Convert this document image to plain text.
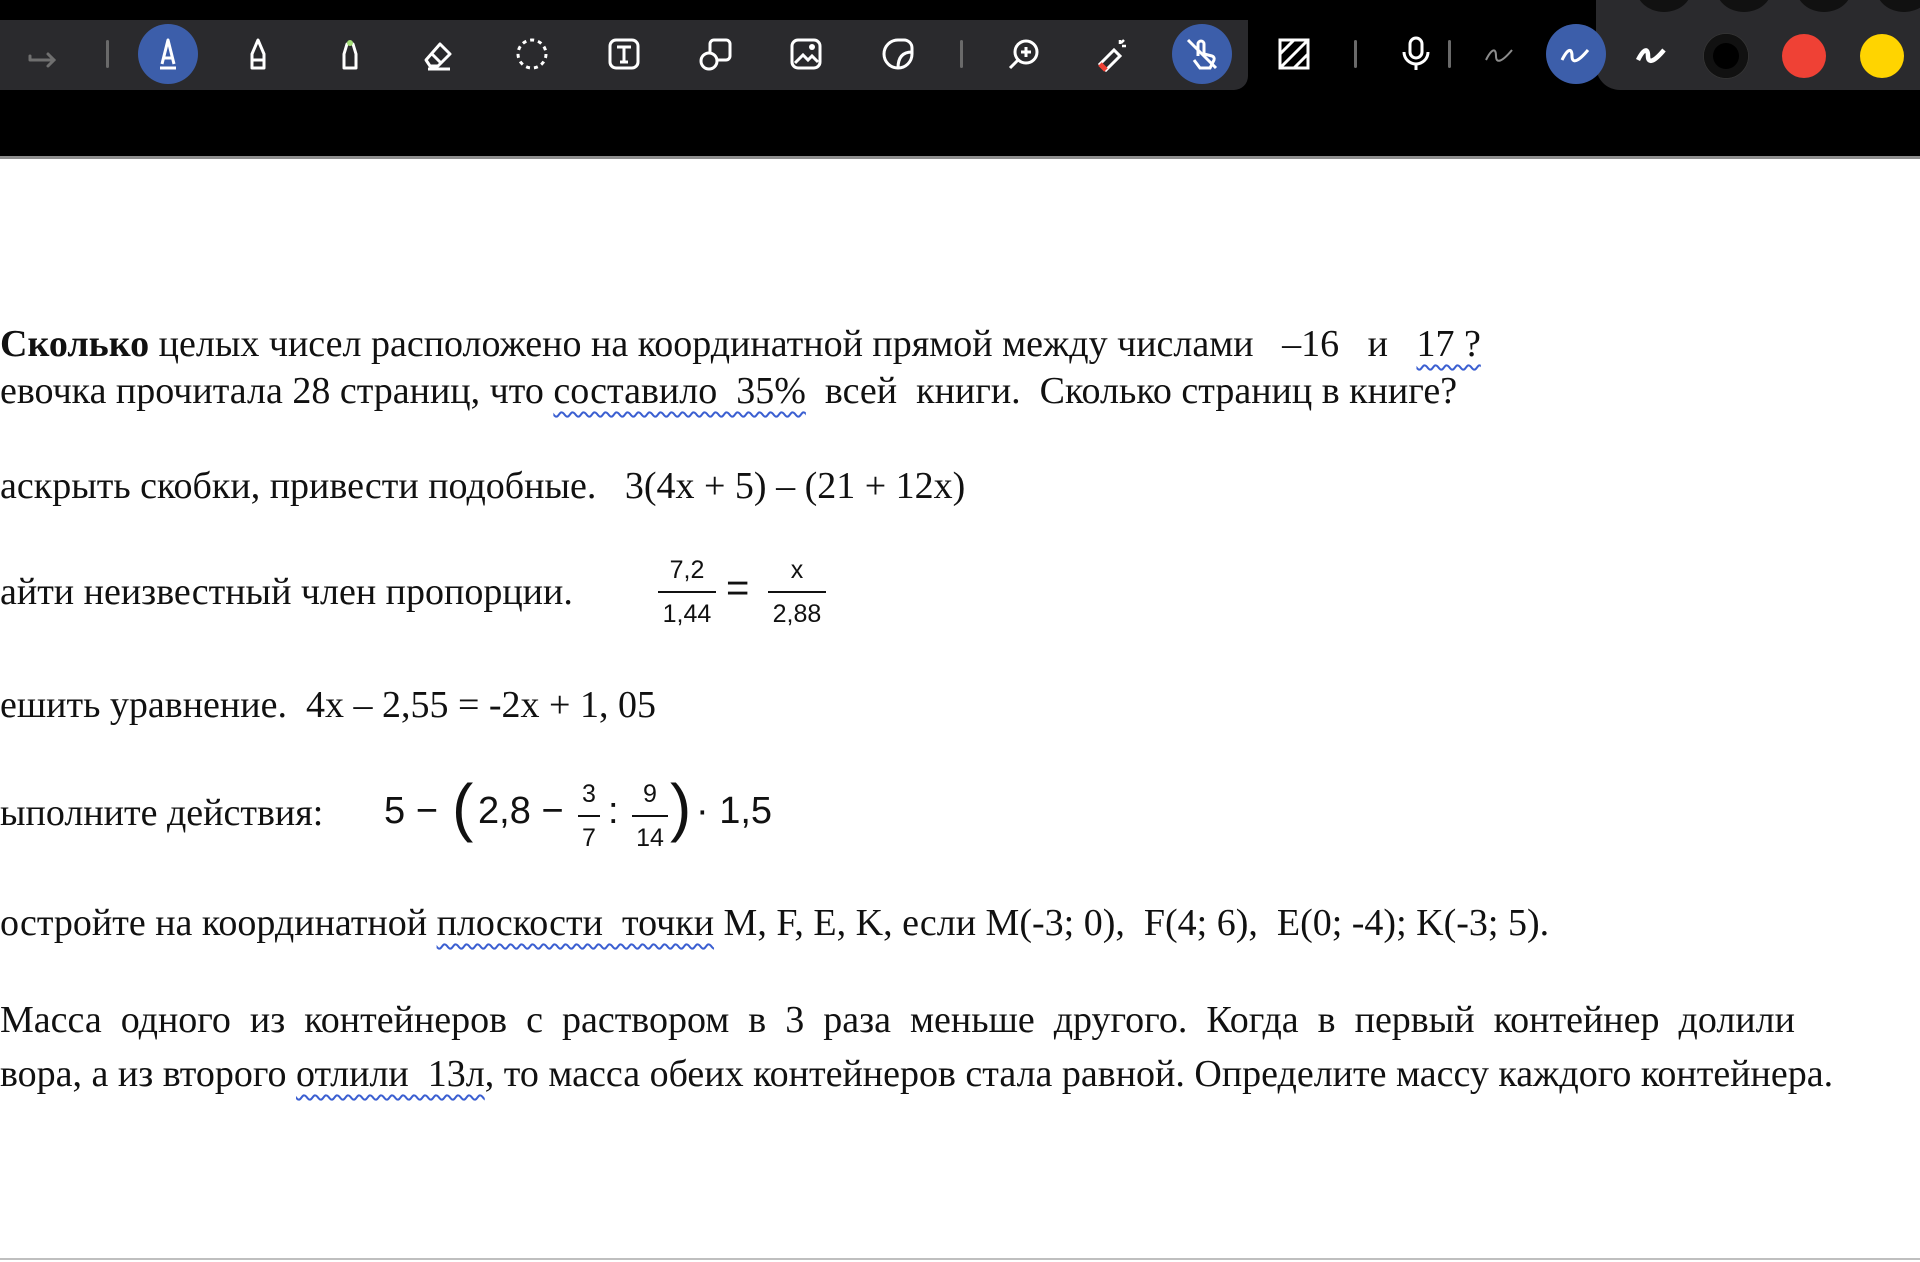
Сколько целых чисел расположено на координатной прямой между числами   –16   и   17 ?
евочка прочитала 28 страниц, что составило  35%  всей  книги.  Сколько страниц в книге?
аскрыть скобки, привести подобные.   3(4x + 5) – (21 + 12x)
айти неизвестный член пропорции.
7,2
1,44
= x
2,88
ешить уравнение.  4x – 2,55 = -2x + 1, 05
ыполните действия: 5 − ( 2,8 − 3
7
: 9
14 ) · 1,5
остройте на координатной плоскости  точки M, F, E, K, если M(-3; 0),  F(4; 6),  E(0; -4); K(-3; 5).
Масса  одного  из  контейнеров  с  раствором  в  3  раза  меньше  другого.  Когда  в  первый  контейнер  долили
вора, а из второго отлили  13л, то масса обеих контейнеров стала равной. Определите массу каждого контейнера.
